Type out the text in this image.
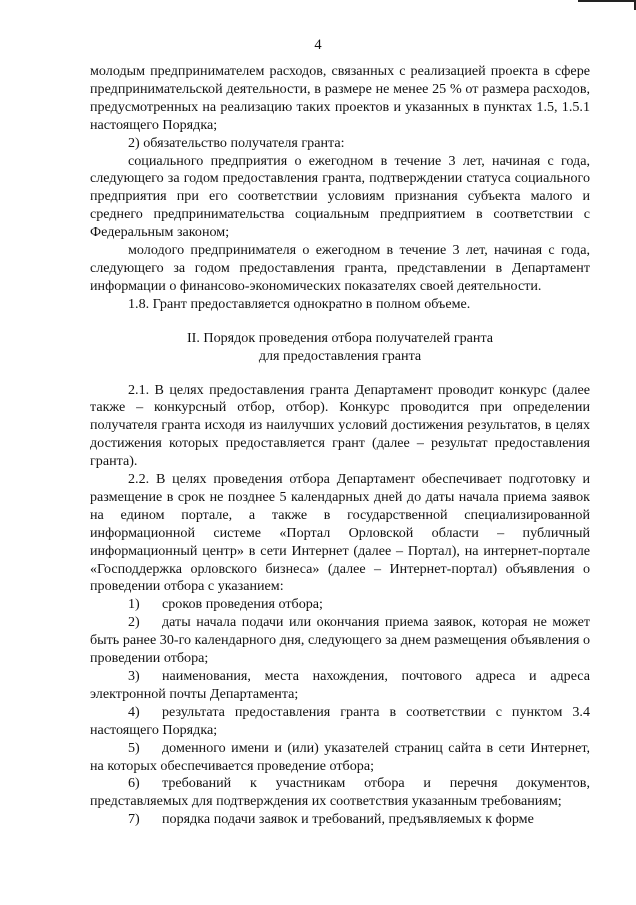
4

молодым предпринимателем расходов, связанных с реализацией проекта в сфере предпринимательской деятельности, в размере не менее 25 % от размера расходов, предусмотренных на реализацию таких проектов и указанных в пунктах 1.5, 1.5.1 настоящего Порядка;

2) обязательство получателя гранта:

социального предприятия о ежегодном в течение 3 лет, начиная с года, следующего за годом предоставления гранта, подтверждении статуса социального предприятия при его соответствии условиям признания субъекта малого и среднего предпринимательства социальным предприятием в соответствии с Федеральным законом;

молодого предпринимателя о ежегодном в течение 3 лет, начиная с года, следующего за годом предоставления гранта, представлении в Департамент информации о финансово-экономических показателях своей деятельности.

1.8. Грант предоставляется однократно в полном объеме.

II. Порядок проведения отбора получателей гранта
для предоставления гранта

2.1. В целях предоставления гранта Департамент проводит конкурс (далее также – конкурсный отбор, отбор). Конкурс проводится при определении получателя гранта исходя из наилучших условий достижения результатов, в целях достижения которых предоставляется грант (далее – результат предоставления гранта).

2.2. В целях проведения отбора Департамент обеспечивает подготовку и размещение в срок не позднее 5 календарных дней до даты начала приема заявок на едином портале, а также в государственной специализированной информационной системе «Портал Орловской области – публичный информационный центр» в сети Интернет (далее – Портал), на интернет-портале «Господдержка орловского бизнеса» (далее – Интернет-портал) объявления о проведении отбора с указанием:

1) сроков проведения отбора;

2) даты начала подачи или окончания приема заявок, которая не может быть ранее 30-го календарного дня, следующего за днем размещения объявления о проведении отбора;

3) наименования, места нахождения, почтового адреса и адреса электронной почты Департамента;

4) результата предоставления гранта в соответствии с пунктом 3.4 настоящего Порядка;

5) доменного имени и (или) указателей страниц сайта в сети Интернет, на которых обеспечивается проведение отбора;

6) требований к участникам отбора и перечня документов, представляемых для подтверждения их соответствия указанным требованиям;

7) порядка подачи заявок и требований, предъявляемых к форме
